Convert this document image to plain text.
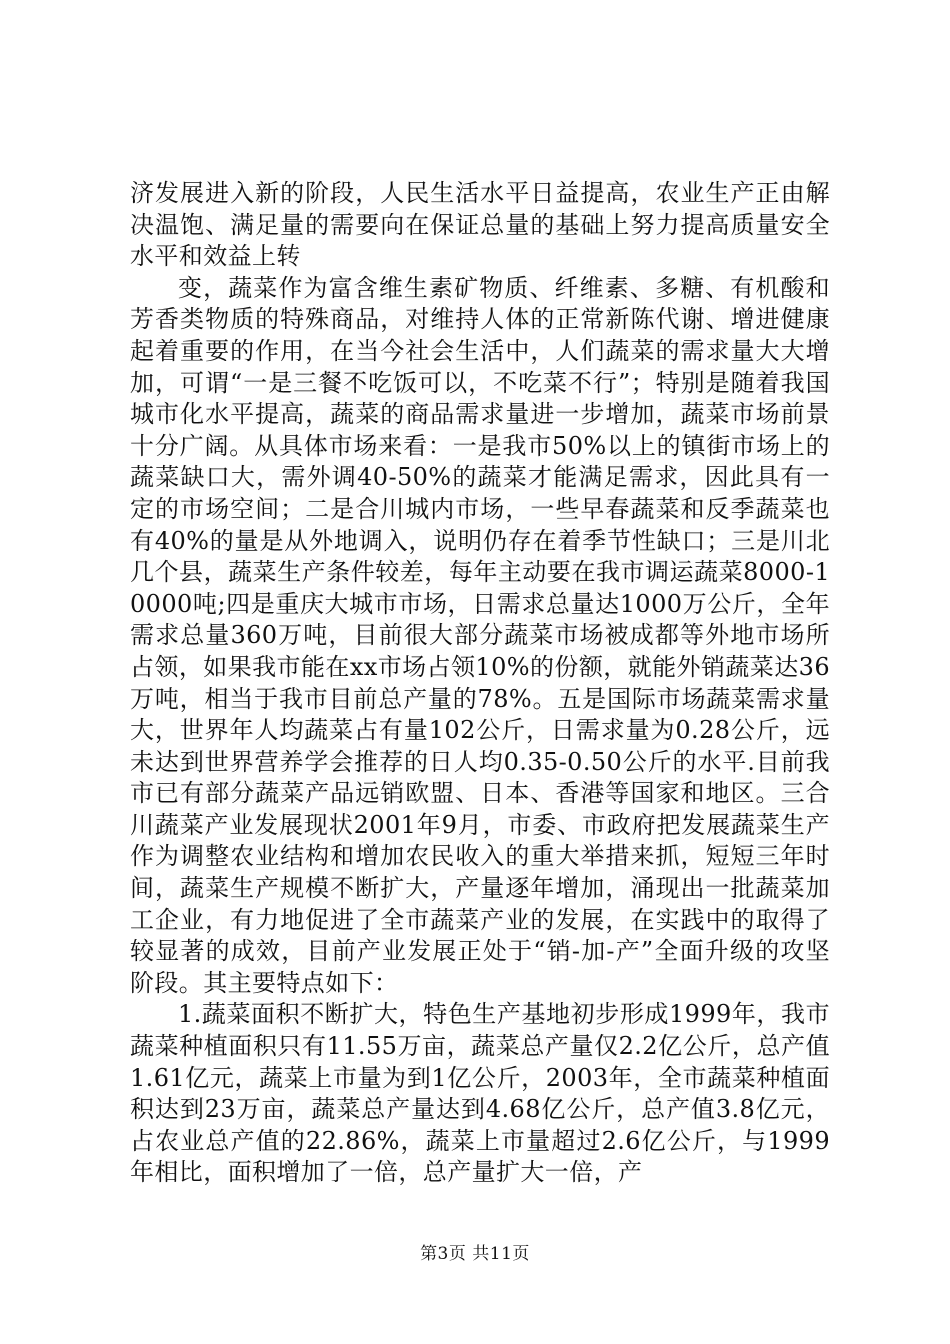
济发展进入新的阶段，人民生活水平日益提高，农业生产正由解决温饱、满足量的需要向在保证总量的基础上努力提高质量安全水平和效益上转

变，蔬菜作为富含维生素矿物质、纤维素、多糖、有机酸和芳香类物质的特殊商品，对维持人体的正常新陈代谢、增进健康起着重要的作用，在当今社会生活中，人们蔬菜的需求量大大增加，可谓“一是三餐不吃饭可以，不吃菜不行”；特别是随着我国城市化水平提高，蔬菜的商品需求量进一步增加，蔬菜市场前景十分广阔。从具体市场来看：一是我市50%以上的镇街市场上的蔬菜缺口大，需外调40-50%的蔬菜才能满足需求，因此具有一定的市场空间；二是合川城内市场，一些早春蔬菜和反季蔬菜也有40%的量是从外地调入，说明仍存在着季节性缺口；三是川北几个县，蔬菜生产条件较差，每年主动要在我市调运蔬菜8000-10000吨;四是重庆大城市市场，日需求总量达1000万公斤，全年需求总量360万吨，目前很大部分蔬菜市场被成都等外地市场所占领，如果我市能在xx市场占领10%的份额，就能外销蔬菜达36万吨，相当于我市目前总产量的78%。五是国际市场蔬菜需求量大，世界年人均蔬菜占有量102公斤，日需求量为0.28公斤，远未达到世界营养学会推荐的日人均0.35-0.50公斤的水平.目前我市已有部分蔬菜产品远销欧盟、日本、香港等国家和地区。三合川蔬菜产业发展现状2001年9月，市委、市政府把发展蔬菜生产作为调整农业结构和增加农民收入的重大举措来抓，短短三年时间，蔬菜生产规模不断扩大，产量逐年增加，涌现出一批蔬菜加工企业，有力地促进了全市蔬菜产业的发展，在实践中的取得了较显著的成效，目前产业发展正处于“销-加-产”全面升级的攻坚阶段。其主要特点如下：

1.蔬菜面积不断扩大，特色生产基地初步形成1999年，我市蔬菜种植面积只有11.55万亩，蔬菜总产量仅2.2亿公斤，总产值1.61亿元，蔬菜上市量为到1亿公斤，2003年，全市蔬菜种植面积达到23万亩，蔬菜总产量达到4.68亿公斤，总产值3.8亿元，占农业总产值的22.86%，蔬菜上市量超过2.6亿公斤，与1999年相比，面积增加了一倍，总产量扩大一倍，产

第3页 共11页
